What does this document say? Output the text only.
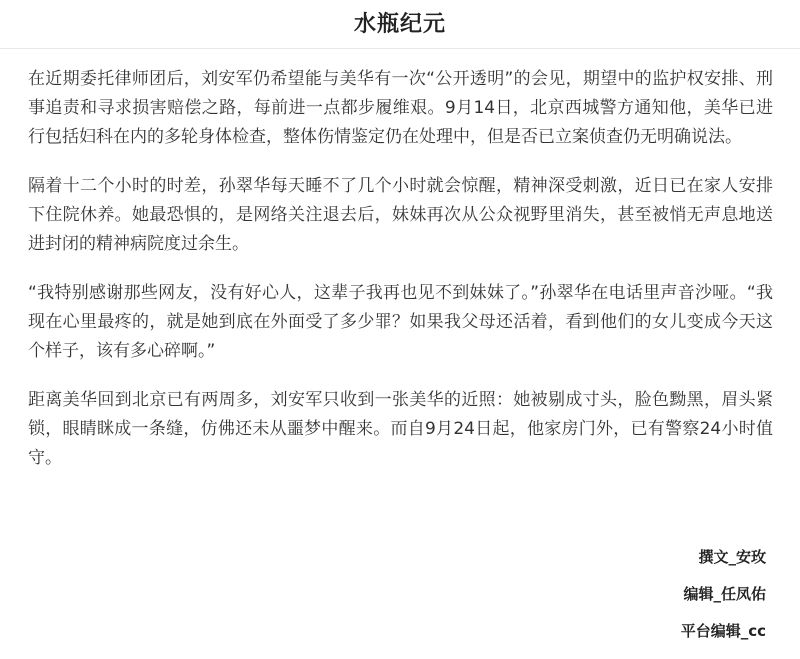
水瓶纪元

在近期委托律师团后，刘安军仍希望能与美华有一次“公开透明”的会见，期望中的监护权安排、刑事追责和寻求损害赔偿之路，每前进一点都步履维艰。9月14日，北京西城警方通知他，美华已进行包括妇科在内的多轮身体检查，整体伤情鉴定仍在处理中，但是否已立案侦查仍无明确说法。

隔着十二个小时的时差，孙翠华每天睡不了几个小时就会惊醒，精神深受刺激，近日已在家人安排下住院休养。她最恐惧的，是网络关注退去后，妹妹再次从公众视野里消失，甚至被悄无声息地送进封闭的精神病院度过余生。

“我特别感谢那些网友，没有好心人，这辈子我再也见不到妹妹了。”孙翠华在电话里声音沙哑。“我现在心里最疼的，就是她到底在外面受了多少罪？如果我父母还活着，看到他们的女儿变成今天这个样子，该有多心碎啊。”

距离美华回到北京已有两周多，刘安军只收到一张美华的近照：她被剔成寸头，脸色黝黑，眉头紧锁，眼睛眯成一条缝，仿佛还未从噩梦中醒来。而自9月24日起，他家房门外，已有警察24小时值守。

撰文_安玫
编辑_任凤佑
平台编辑_cc
